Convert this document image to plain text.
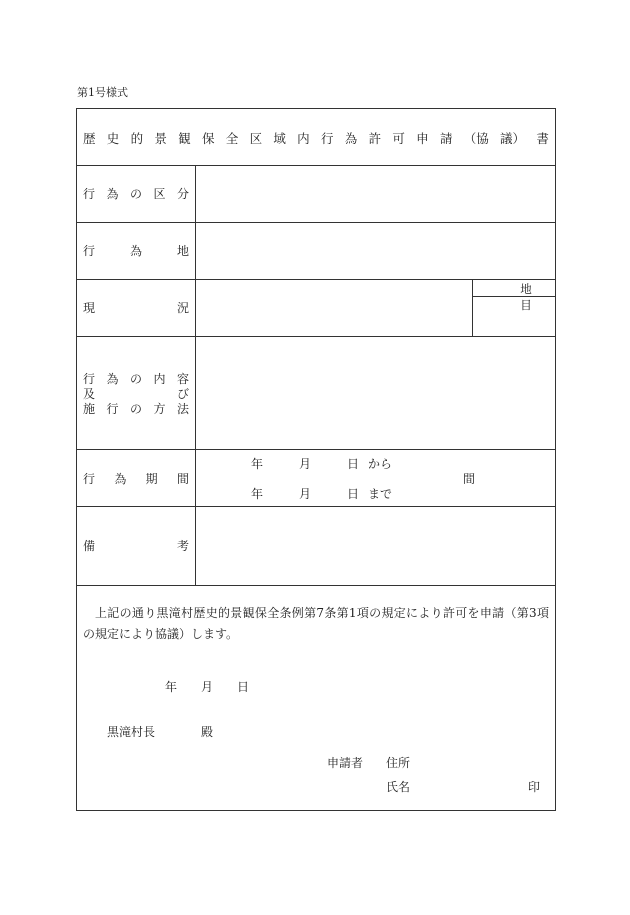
第1号様式
歴 史 的 景 観 保 全 区 域 内 行 為 許 可 申 請 （協 議） 書
行 為 の 区 分
行	為	地
現	況
地目
行 為 の 内 容
及	び
施 行 の 方 法
行 為 期 間
年	月	日 から
間
年	月	日 まで
備	考
上記の通り黒滝村歴史的景観保全条例第7条第1項の規定により許可を申請（第3項の規定により協議）します。
年 月 日
黒滝村長	殿
申請者 住所
氏名	印
